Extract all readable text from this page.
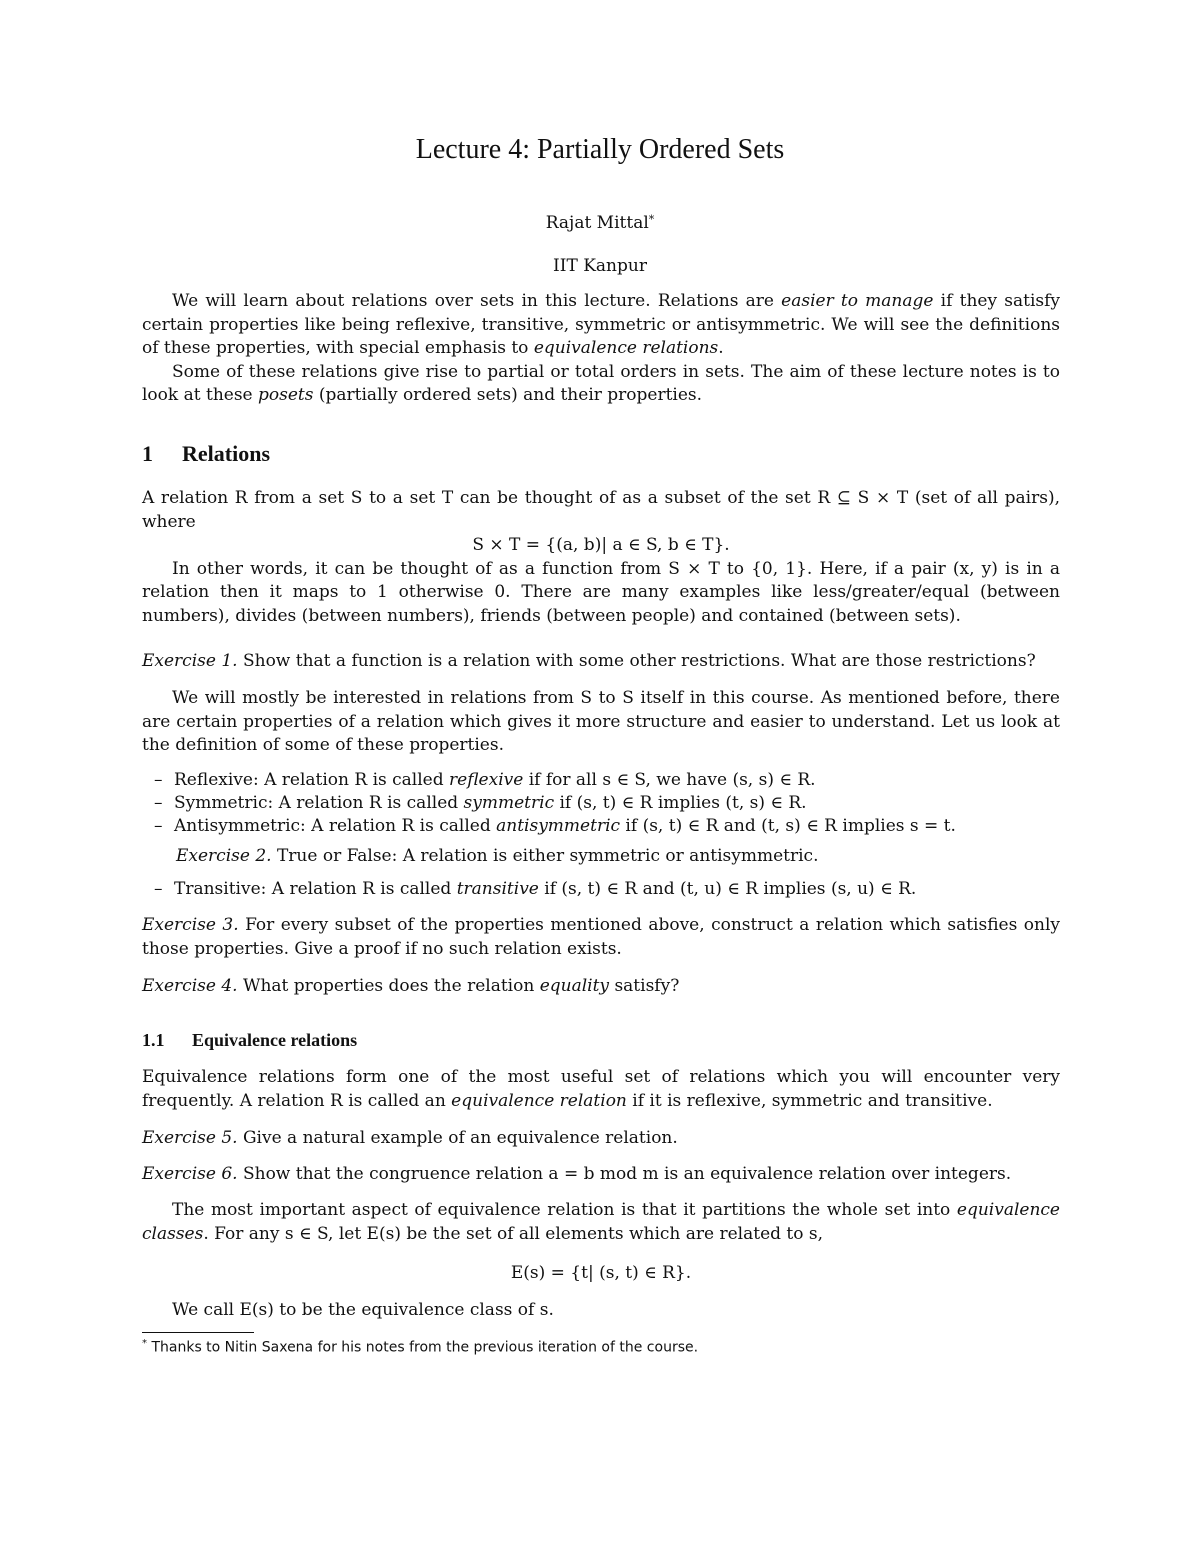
Lecture 4: Partially Ordered Sets
Rajat Mittal*
IIT Kanpur

We will learn about relations over sets in this lecture. Relations are easier to manage if they satisfy certain properties like being reflexive, transitive, symmetric or antisymmetric. We will see the definitions of these properties, with special emphasis to equivalence relations.

Some of these relations give rise to partial or total orders in sets. The aim of these lecture notes is to look at these posets (partially ordered sets) and their properties.

1 Relations

A relation R from a set S to a set T can be thought of as a subset of the set R ⊆ S × T (set of all pairs), where

S × T = {(a, b)| a ∈ S, b ∈ T}.

In other words, it can be thought of as a function from S × T to {0, 1}. Here, if a pair (x, y) is in a relation then it maps to 1 otherwise 0. There are many examples like less/greater/equal (between numbers), divides (between numbers), friends (between people) and contained (between sets).

Exercise 1. Show that a function is a relation with some other restrictions. What are those restrictions?

We will mostly be interested in relations from S to S itself in this course. As mentioned before, there are certain properties of a relation which gives it more structure and easier to understand. Let us look at the definition of some of these properties.

– Reflexive: A relation R is called reflexive if for all s ∈ S, we have (s, s) ∈ R.
– Symmetric: A relation R is called symmetric if (s, t) ∈ R implies (t, s) ∈ R.
– Antisymmetric: A relation R is called antisymmetric if (s, t) ∈ R and (t, s) ∈ R implies s = t.

Exercise 2. True or False: A relation is either symmetric or antisymmetric.

– Transitive: A relation R is called transitive if (s, t) ∈ R and (t, u) ∈ R implies (s, u) ∈ R.

Exercise 3. For every subset of the properties mentioned above, construct a relation which satisfies only those properties. Give a proof if no such relation exists.

Exercise 4. What properties does the relation equality satisfy?

1.1 Equivalence relations

Equivalence relations form one of the most useful set of relations which you will encounter very frequently. A relation R is called an equivalence relation if it is reflexive, symmetric and transitive.

Exercise 5. Give a natural example of an equivalence relation.

Exercise 6. Show that the congruence relation a = b mod m is an equivalence relation over integers.

The most important aspect of equivalence relation is that it partitions the whole set into equivalence classes. For any s ∈ S, let E(s) be the set of all elements which are related to s,

E(s) = {t| (s, t) ∈ R}.

We call E(s) to be the equivalence class of s.

* Thanks to Nitin Saxena for his notes from the previous iteration of the course.
